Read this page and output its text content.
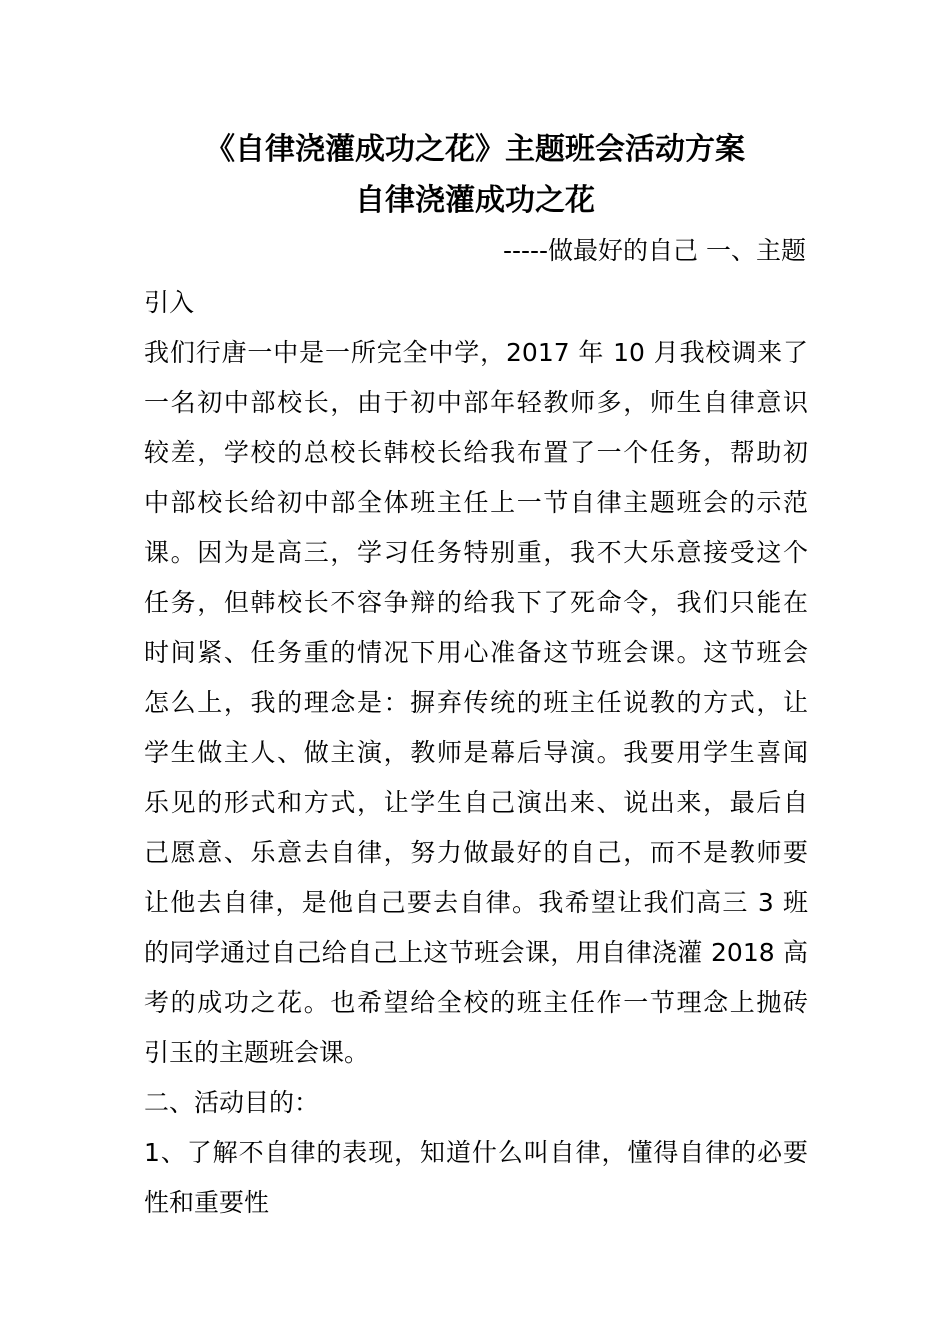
《自律浇灌成功之花》主题班会活动方案
自律浇灌成功之花
-----做最好的自己 一、主题
引入
我们行唐一中是一所完全中学，2017 年 10 月我校调来了
一名初中部校长，由于初中部年轻教师多，师生自律意识
较差，学校的总校长韩校长给我布置了一个任务，帮助初
中部校长给初中部全体班主任上一节自律主题班会的示范
课。因为是高三，学习任务特别重，我不大乐意接受这个
任务，但韩校长不容争辩的给我下了死命令，我们只能在
时间紧、任务重的情况下用心准备这节班会课。这节班会
怎么上，我的理念是：摒弃传统的班主任说教的方式，让
学生做主人、做主演，教师是幕后导演。我要用学生喜闻
乐见的形式和方式，让学生自己演出来、说出来，最后自
己愿意、乐意去自律，努力做最好的自己，而不是教师要
让他去自律，是他自己要去自律。我希望让我们高三 3 班
的同学通过自己给自己上这节班会课，用自律浇灌 2018 高
考的成功之花。也希望给全校的班主任作一节理念上抛砖
引玉的主题班会课。
二、活动目的：
1、了解不自律的表现，知道什么叫自律，懂得自律的必要
性和重要性
